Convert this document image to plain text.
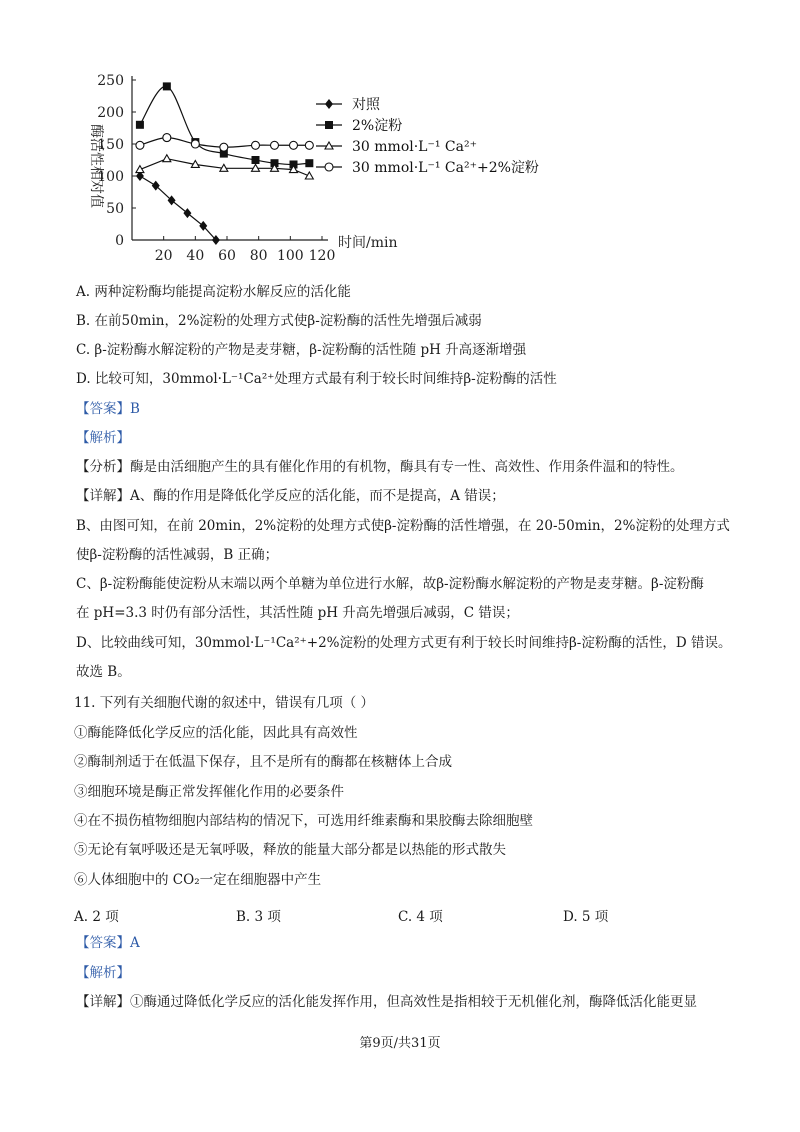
0
50
100
150
200
250
20 40 60 80 100 120
时间/min
酶活性相对值
对照
2%淀粉
30 mmol·L⁻¹ Ca²⁺
30 mmol·L⁻¹ Ca²⁺+2%淀粉
A. 两种淀粉酶均能提高淀粉水解反应的活化能
B. 在前50min，2%淀粉的处理方式使β-淀粉酶的活性先增强后减弱
C. β-淀粉酶水解淀粉的产物是麦芽糖，β-淀粉酶的活性随 pH 升高逐渐增强
D. 比较可知，30mmol·L⁻¹Ca²⁺处理方式最有利于较长时间维持β-淀粉酶的活性
【答案】B
【解析】
【分析】酶是由活细胞产生的具有催化作用的有机物，酶具有专一性、高效性、作用条件温和的特性。
【详解】A、酶的作用是降低化学反应的活化能，而不是提高，A 错误；
B、由图可知，在前 20min，2%淀粉的处理方式使β-淀粉酶的活性增强，在 20-50min，2%淀粉的处理方式
使β-淀粉酶的活性减弱，B 正确；
C、β-淀粉酶能使淀粉从末端以两个单糖为单位进行水解，故β-淀粉酶水解淀粉的产物是麦芽糖。β-淀粉酶
在 pH=3.3 时仍有部分活性，其活性随 pH 升高先增强后减弱，C 错误；
D、比较曲线可知，30mmol·L⁻¹Ca²⁺+2%淀粉的处理方式更有利于较长时间维持β-淀粉酶的活性，D 错误。
故选 B。
11. 下列有关细胞代谢的叙述中，错误有几项（ ）
①酶能降低化学反应的活化能，因此具有高效性
②酶制剂适于在低温下保存，且不是所有的酶都在核糖体上合成
③细胞环境是酶正常发挥催化作用的必要条件
④在不损伤植物细胞内部结构的情况下，可选用纤维素酶和果胶酶去除细胞壁
⑤无论有氧呼吸还是无氧呼吸，释放的能量大部分都是以热能的形式散失
⑥人体细胞中的 CO₂一定在细胞器中产生
A. 2 项	B. 3 项	C. 4 项	D. 5 项
【答案】A
【解析】
【详解】①酶通过降低化学反应的活化能发挥作用，但高效性是指相较于无机催化剂，酶降低活化能更显
第9页/共31页
